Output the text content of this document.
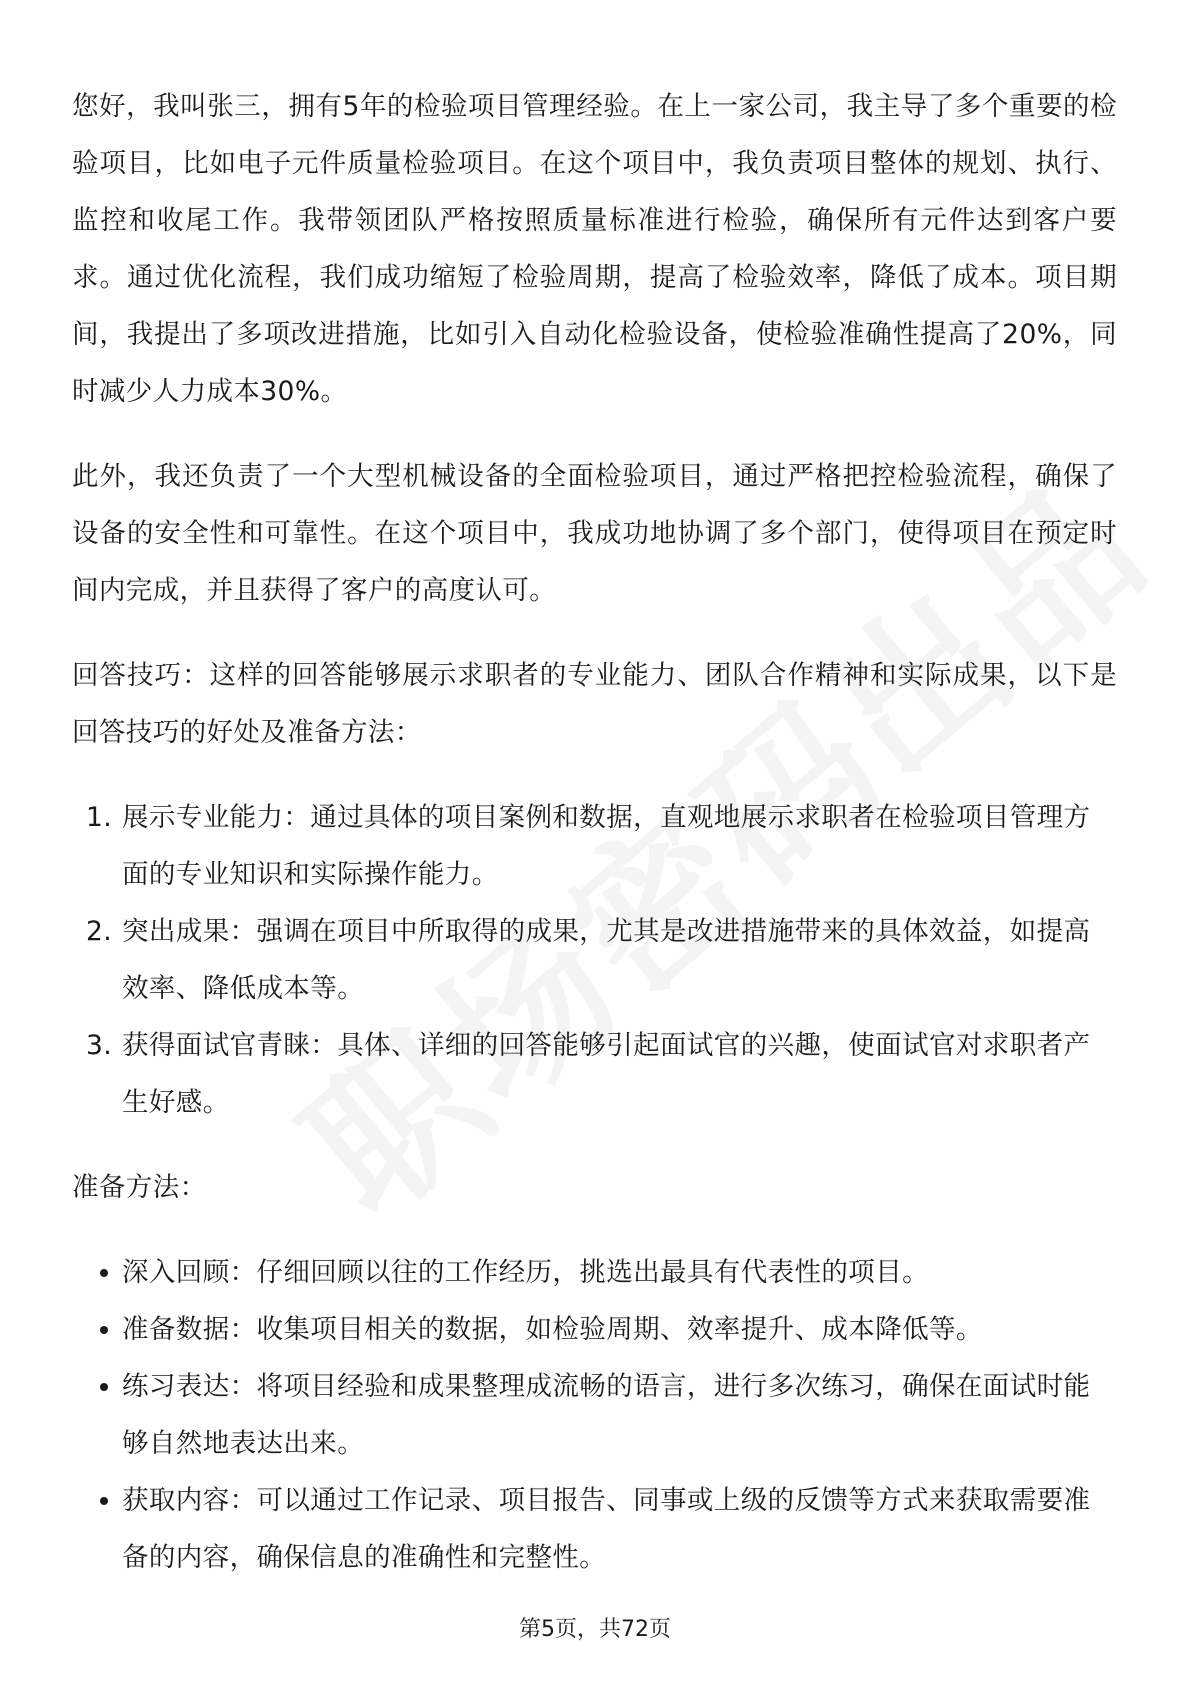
您好，我叫张三，拥有5年的检验项目管理经验。在上一家公司，我主导了多个重要的检验项目，比如电子元件质量检验项目。在这个项目中，我负责项目整体的规划、执行、监控和收尾工作。我带领团队严格按照质量标准进行检验，确保所有元件达到客户要求。通过优化流程，我们成功缩短了检验周期，提高了检验效率，降低了成本。项目期间，我提出了多项改进措施，比如引入自动化检验设备，使检验准确性提高了20%，同时减少人力成本30%。

此外，我还负责了一个大型机械设备的全面检验项目，通过严格把控检验流程，确保了设备的安全性和可靠性。在这个项目中，我成功地协调了多个部门，使得项目在预定时间内完成，并且获得了客户的高度认可。

回答技巧：这样的回答能够展示求职者的专业能力、团队合作精神和实际成果，以下是回答技巧的好处及准备方法：

1. 展示专业能力：通过具体的项目案例和数据，直观地展示求职者在检验项目管理方面的专业知识和实际操作能力。
2. 突出成果：强调在项目中所取得的成果，尤其是改进措施带来的具体效益，如提高效率、降低成本等。
3. 获得面试官青睐：具体、详细的回答能够引起面试官的兴趣，使面试官对求职者产生好感。

准备方法：

深入回顾：仔细回顾以往的工作经历，挑选出最具有代表性的项目。
准备数据：收集项目相关的数据，如检验周期、效率提升、成本降低等。
练习表达：将项目经验和成果整理成流畅的语言，进行多次练习，确保在面试时能够自然地表达出来。
获取内容：可以通过工作记录、项目报告、同事或上级的反馈等方式来获取需要准备的内容，确保信息的准确性和完整性。
第5页，共72页
